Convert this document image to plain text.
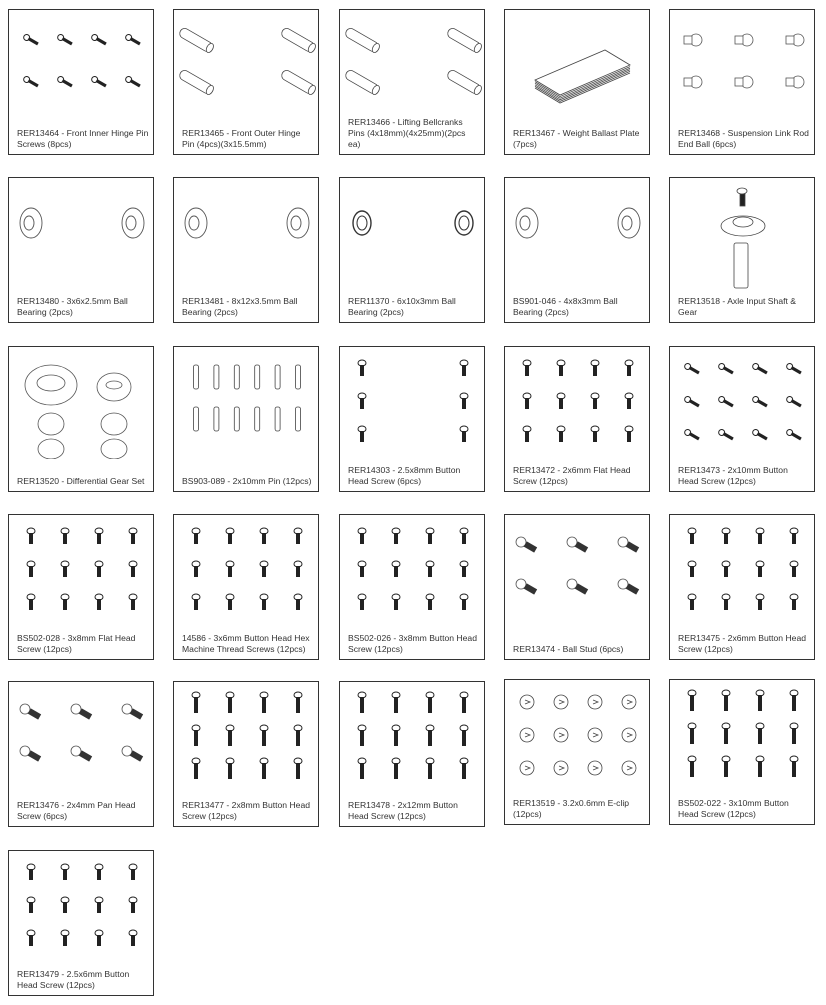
RER13464 - Front Inner Hinge Pin Screws (8pcs)
RER13465 - Front Outer Hinge Pin (4pcs)(3x15.5mm)
RER13466 - Lifting Bellcranks Pins (4x18mm)(4x25mm)(2pcs ea)
RER13467 - Weight Ballast Plate (7pcs)
RER13468 - Suspension Link Rod End Ball (6pcs)
RER13480 - 3x6x2.5mm Ball Bearing (2pcs)
RER13481 - 8x12x3.5mm Ball Bearing (2pcs)
RER11370 - 6x10x3mm Ball Bearing (2pcs)
BS901-046 - 4x8x3mm Ball Bearing (2pcs)
RER13518 - Axle Input Shaft & Gear
RER13520 - Differential Gear Set	BS903-089 - 2x10mm Pin (12pcs)
RER14303 - 2.5x8mm Button Head Screw (6pcs)
RER13472 - 2x6mm Flat Head Screw (12pcs)
RER13473 - 2x10mm Button Head Screw (12pcs)
BS502-028 - 3x8mm Flat Head Screw (12pcs)
14586 - 3x6mm Button Head Hex Machine Thread Screws (12pcs)
BS502-026 - 3x8mm Button Head Screw (12pcs)	RER13474 - Ball Stud (6pcs)
RER13475 - 2x6mm Button Head Screw (12pcs)
RER13476 - 2x4mm Pan Head Screw (6pcs)
RER13477 - 2x8mm Button Head Screw (12pcs)
RER13478 - 2x12mm Button Head Screw (12pcs)
RER13519 - 3.2x0.6mm E-clip (12pcs)
BS502-022 - 3x10mm Button Head Screw (12pcs)
RER13479 - 2.5x6mm Button Head Screw (12pcs)
